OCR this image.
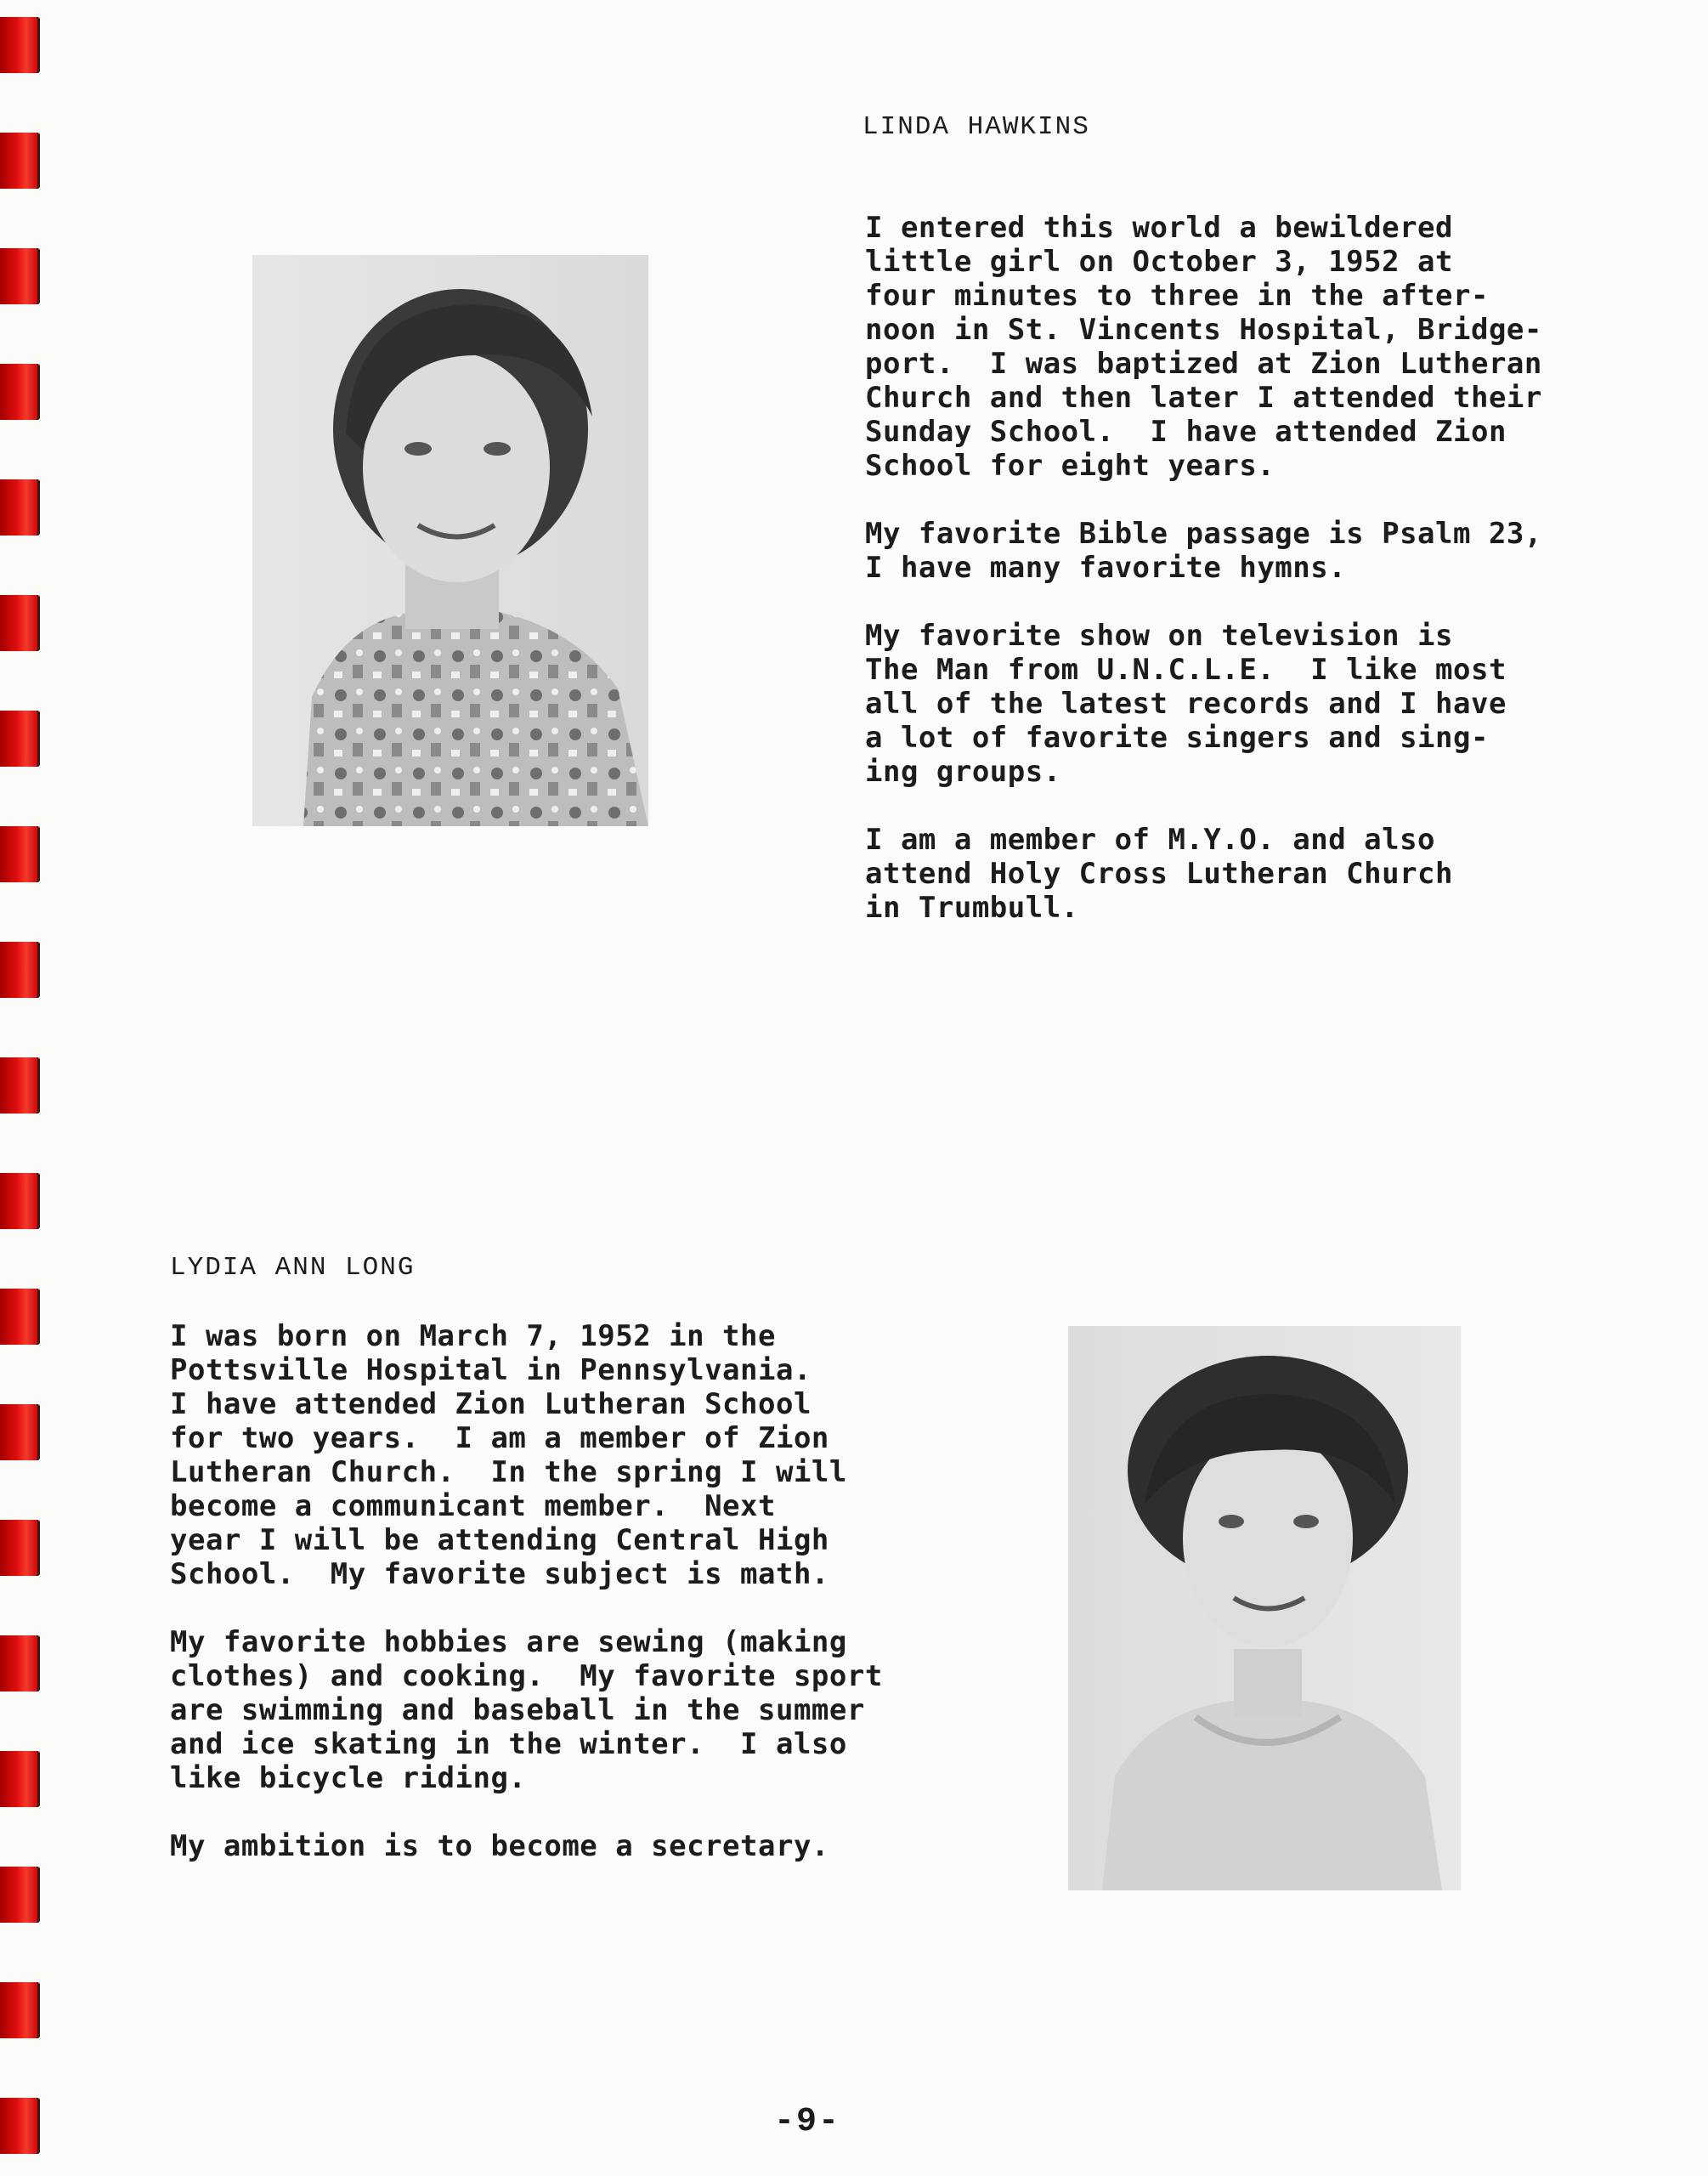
LINDA HAWKINS
I entered this world a bewildered
little girl on October 3, 1952 at
four minutes to three in the after-
noon in St. Vincents Hospital, Bridge-
port.  I was baptized at Zion Lutheran
Church and then later I attended their
Sunday School.  I have attended Zion
School for eight years.
My favorite Bible passage is Psalm 23,
I have many favorite hymns.
My favorite show on television is
The Man from U.N.C.L.E.  I like most
all of the latest records and I have
a lot of favorite singers and sing-
ing groups.
I am a member of M.Y.O. and also
attend Holy Cross Lutheran Church
in Trumbull.
LYDIA ANN LONG
I was born on March 7, 1952 in the
Pottsville Hospital in Pennsylvania.
I have attended Zion Lutheran School
for two years.  I am a member of Zion
Lutheran Church.  In the spring I will
become a communicant member.  Next
year I will be attending Central High
School.  My favorite subject is math.
My favorite hobbies are sewing (making
clothes) and cooking.  My favorite sport
are swimming and baseball in the summer
and ice skating in the winter.  I also
like bicycle riding.
My ambition is to become a secretary.
-9-
